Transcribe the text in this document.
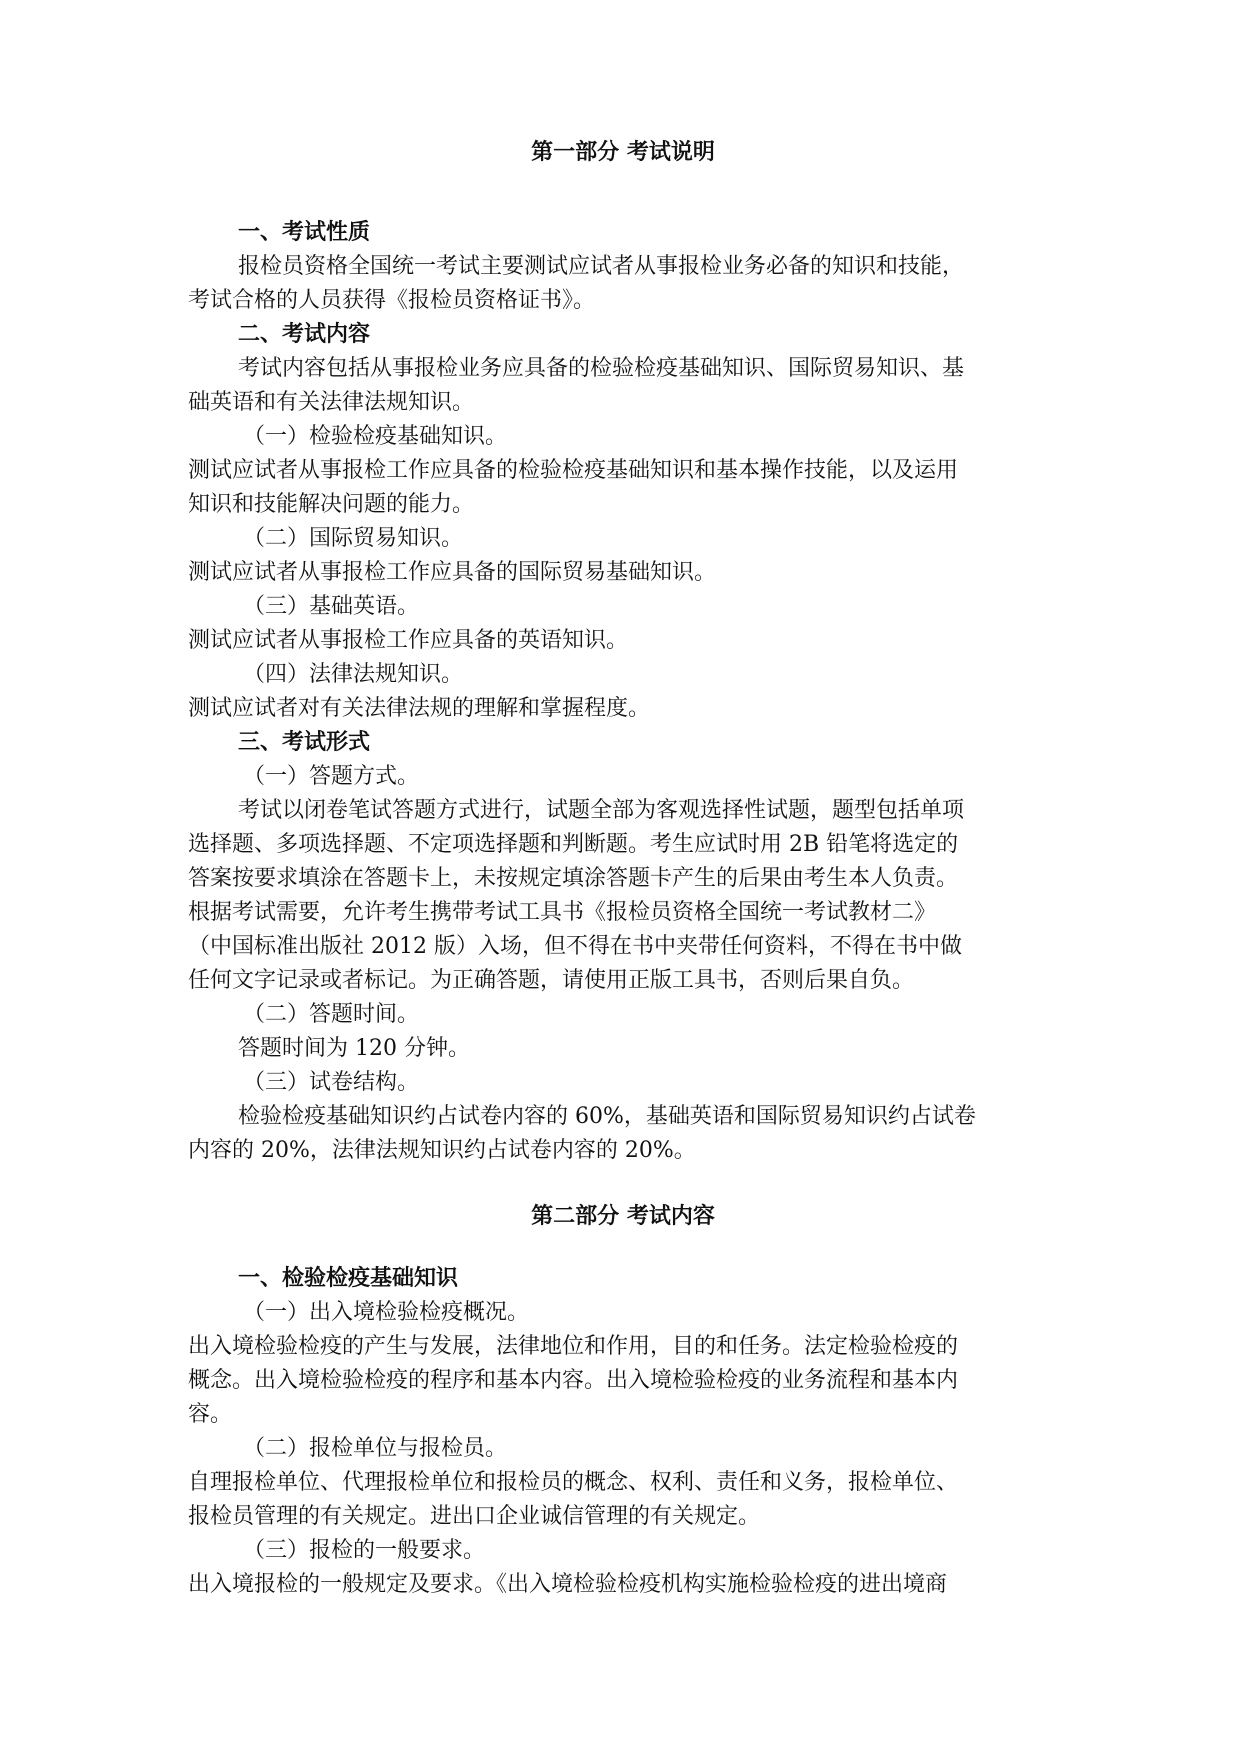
第一部分 考试说明
一、考试性质
报检员资格全国统一考试主要测试应试者从事报检业务必备的知识和技能，
考试合格的人员获得《报检员资格证书》。
二、考试内容
考试内容包括从事报检业务应具备的检验检疫基础知识、国际贸易知识、基
础英语和有关法律法规知识。
（一）检验检疫基础知识。
测试应试者从事报检工作应具备的检验检疫基础知识和基本操作技能，以及运用
知识和技能解决问题的能力。
（二）国际贸易知识。
测试应试者从事报检工作应具备的国际贸易基础知识。
（三）基础英语。
测试应试者从事报检工作应具备的英语知识。
（四）法律法规知识。
测试应试者对有关法律法规的理解和掌握程度。
三、考试形式
（一）答题方式。
考试以闭卷笔试答题方式进行，试题全部为客观选择性试题，题型包括单项
选择题、多项选择题、不定项选择题和判断题。考生应试时用 2B 铅笔将选定的
答案按要求填涂在答题卡上，未按规定填涂答题卡产生的后果由考生本人负责。
根据考试需要，允许考生携带考试工具书《报检员资格全国统一考试教材二》
（中国标准出版社 2012 版）入场，但不得在书中夹带任何资料，不得在书中做
任何文字记录或者标记。为正确答题，请使用正版工具书，否则后果自负。
（二）答题时间。
答题时间为 120 分钟。
（三）试卷结构。
检验检疫基础知识约占试卷内容的 60%，基础英语和国际贸易知识约占试卷
内容的 20%，法律法规知识约占试卷内容的 20%。
第二部分 考试内容
一、检验检疫基础知识
（一）出入境检验检疫概况。
出入境检验检疫的产生与发展，法律地位和作用，目的和任务。法定检验检疫的
概念。出入境检验检疫的程序和基本内容。出入境检验检疫的业务流程和基本内
容。
（二）报检单位与报检员。
自理报检单位、代理报检单位和报检员的概念、权利、责任和义务，报检单位、
报检员管理的有关规定。进出口企业诚信管理的有关规定。
（三）报检的一般要求。
出入境报检的一般规定及要求。《出入境检验检疫机构实施检验检疫的进出境商
